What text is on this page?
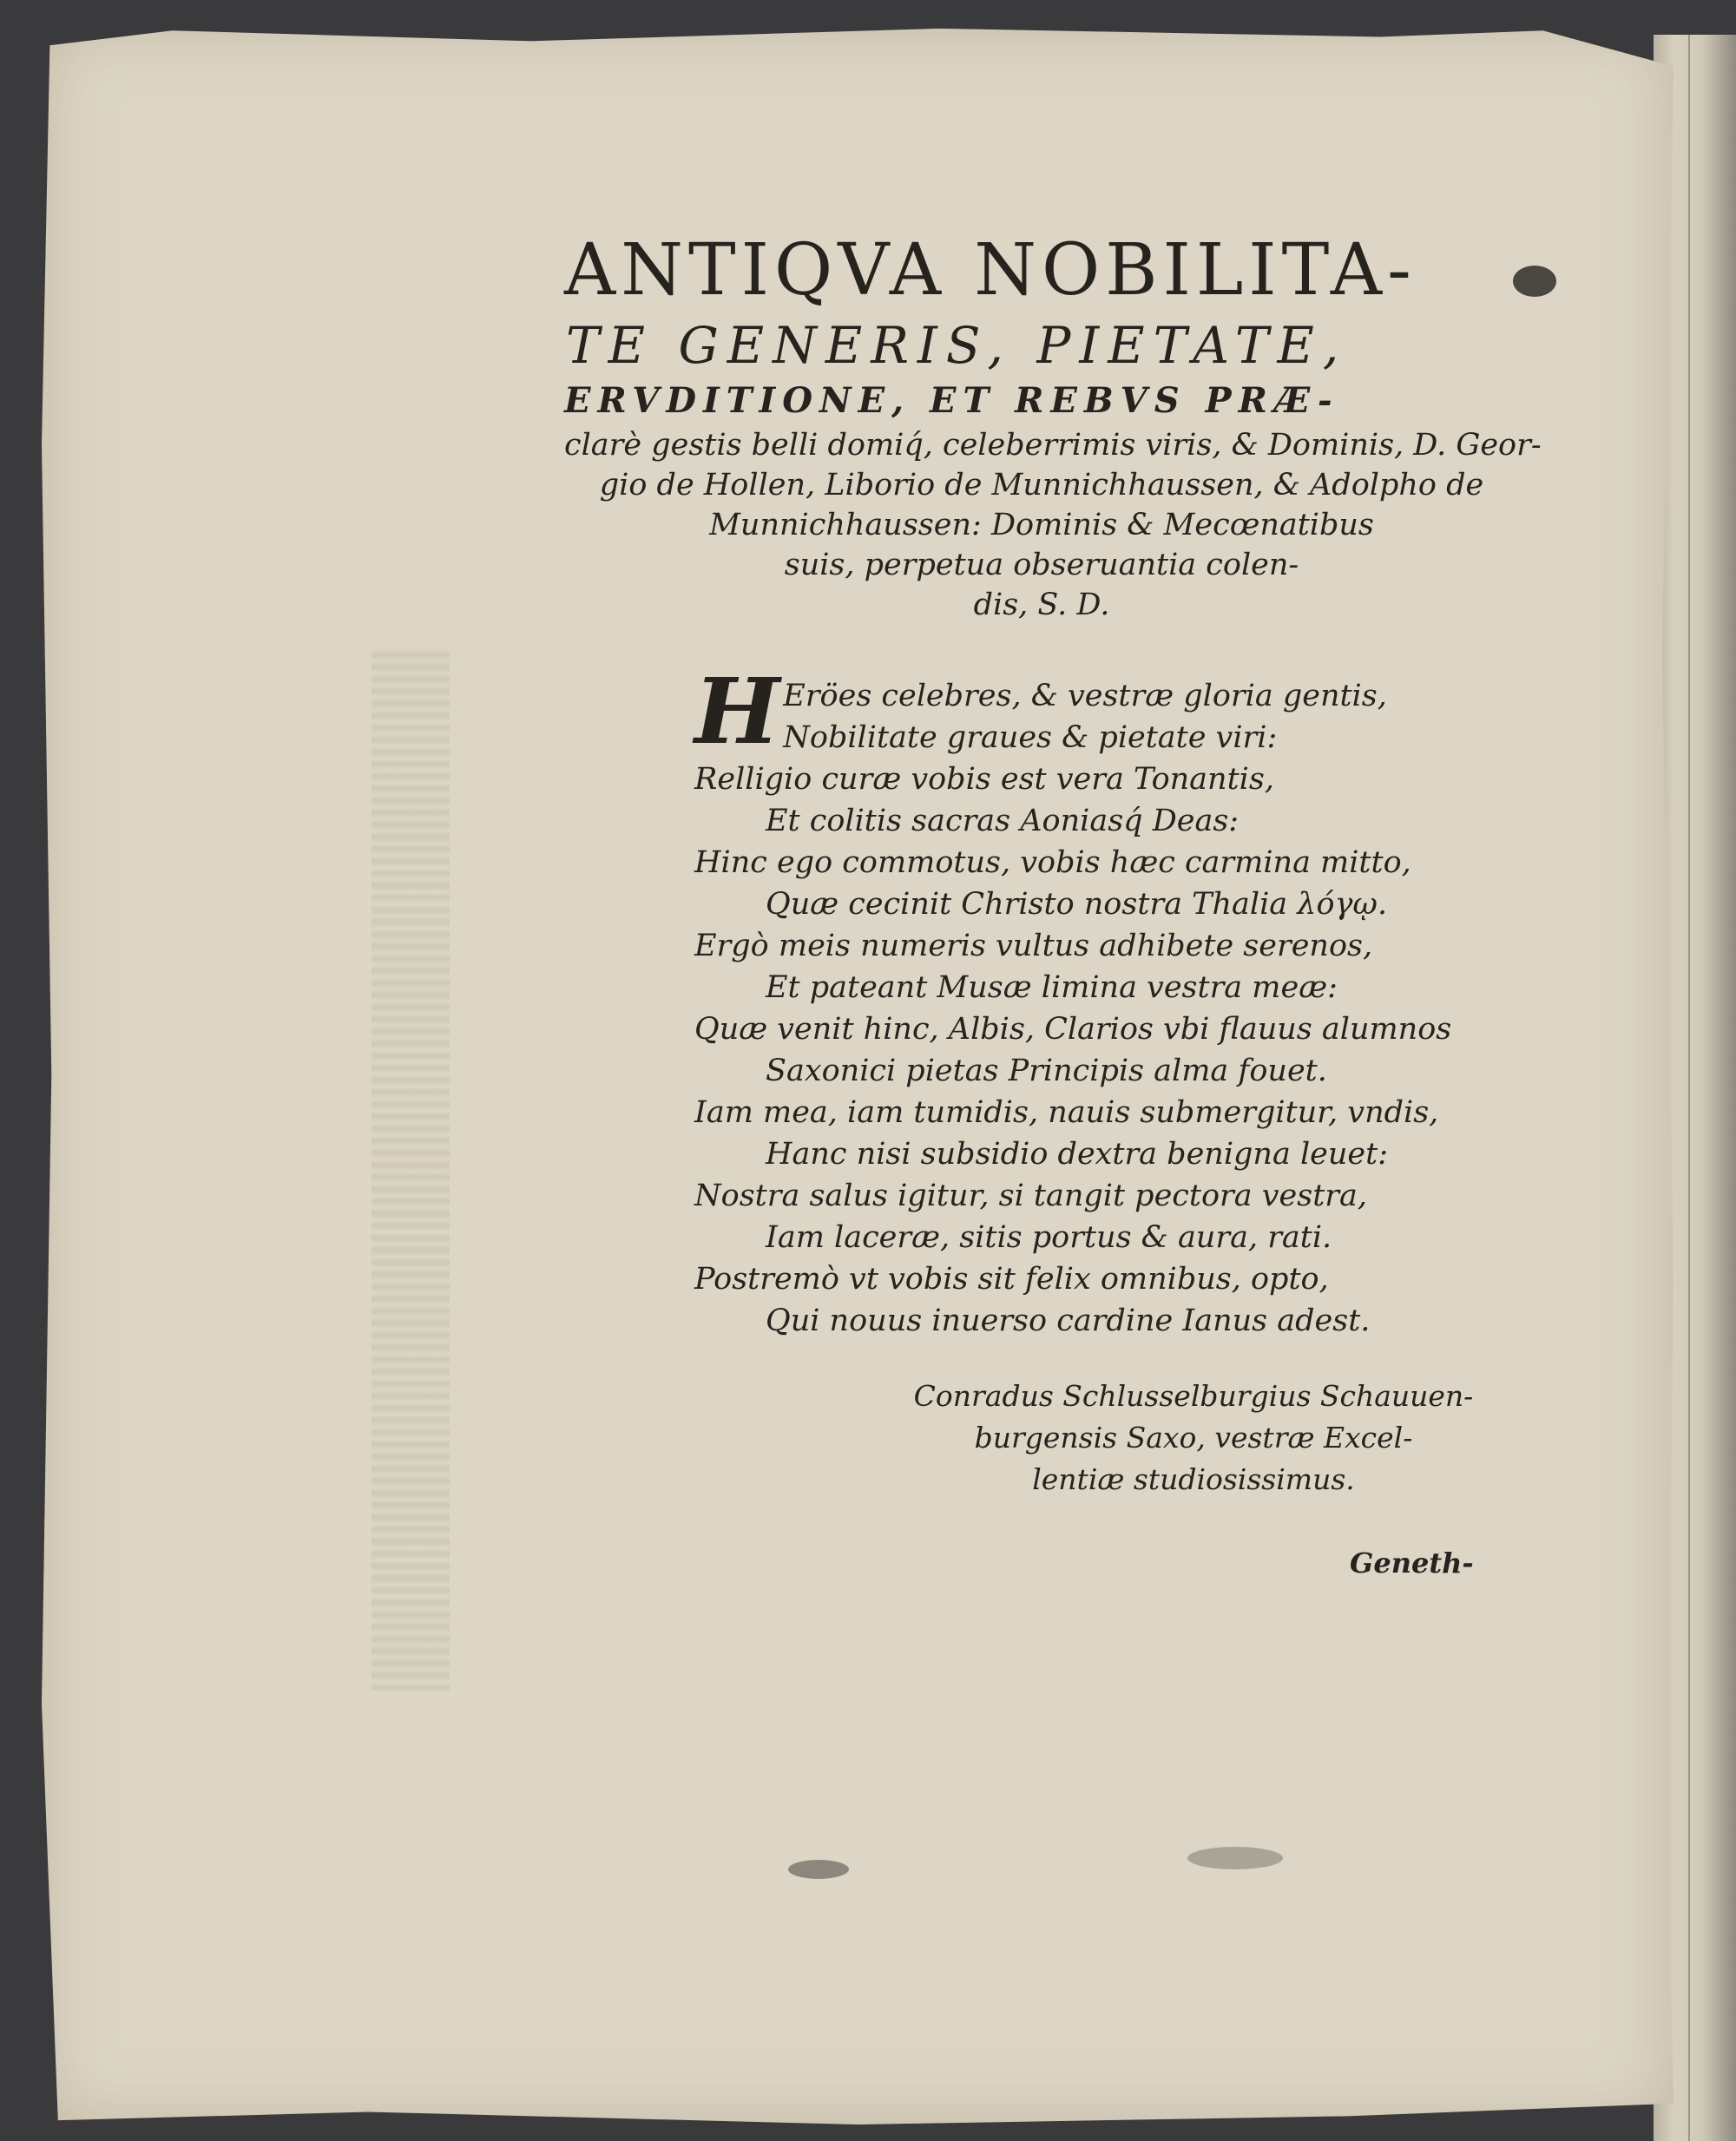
ANTIQVA NOBILITA-
TE GENERIS, PIETATE,
ERVDITIONE, ET REBVS PRÆ-
clarè gestis belli domiq́, celeberrimis viris, & Dominis, D. Geor-
gio de Hollen, Liborio de Munnichhaussen, & Adolpho de
Munnichhaussen: Dominis & Mecœnatibus
suis, perpetua obseruantia colen-
dis, S. D.
H Eröes celebres, & vestræ gloria gentis,
Nobilitate graues & pietate viri:
Relligio curæ vobis est vera Tonantis,
Et colitis sacras Aoniasq́ Deas:
Hinc ego commotus, vobis hæc carmina mitto,
Quæ cecinit Christo nostra Thalia λόγῳ.
Ergò meis numeris vultus adhibete serenos,
Et pateant Musæ limina vestra meæ:
Quæ venit hinc, Albis, Clarios vbi flauus alumnos
Saxonici pietas Principis alma fouet.
Iam mea, iam tumidis, nauis submergitur, vndis,
Hanc nisi subsidio dextra benigna leuet:
Nostra salus igitur, si tangit pectora vestra,
Iam laceræ, sitis portus & aura, rati.
Postremò vt vobis sit felix omnibus, opto,
Qui nouus inuerso cardine Ianus adest.
Conradus Schlusselburgius Schauuen-
burgensis Saxo, vestræ Excel-
lentiæ studiosissimus.
Geneth-
